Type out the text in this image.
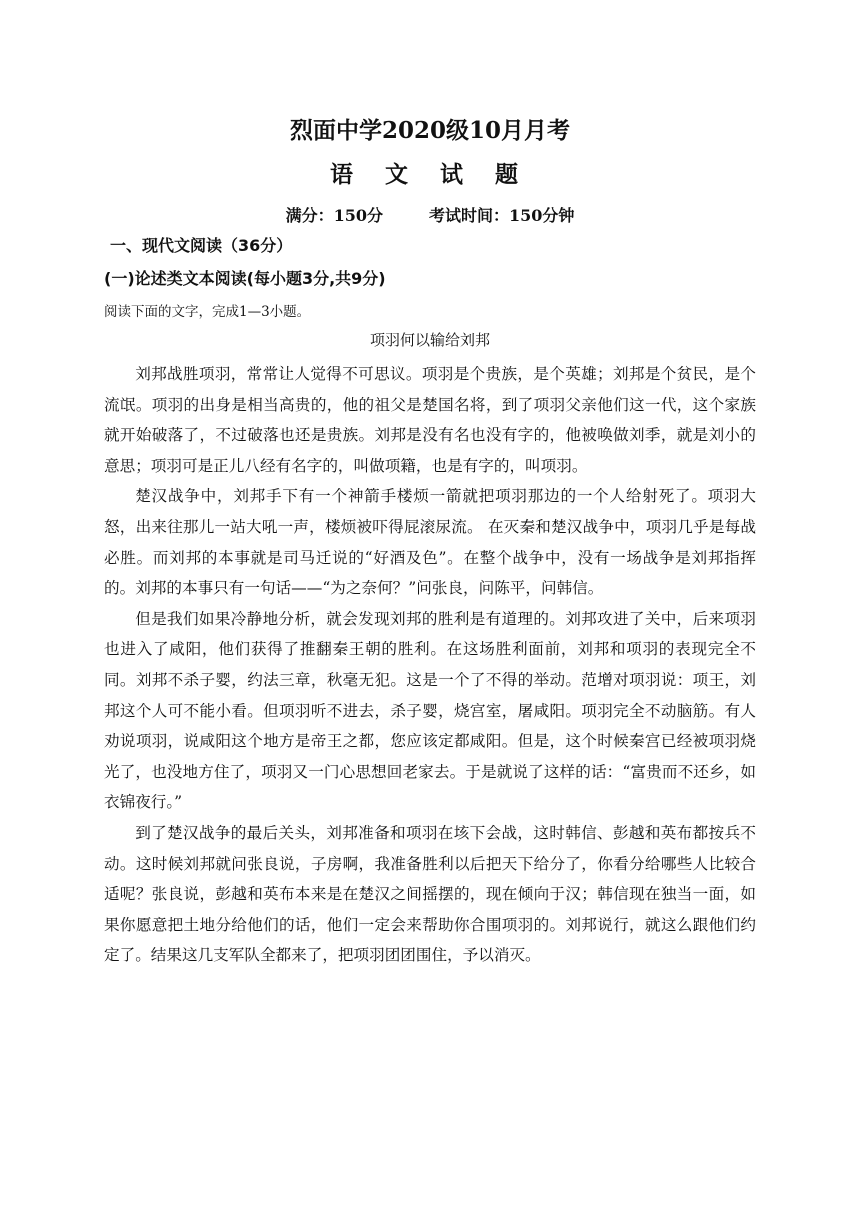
烈面中学2020级10月月考
语 文 试 题
满分：150分	考试时间：150分钟
一、现代文阅读（36分）
(一)论述类文本阅读(每小题3分,共9分)
阅读下面的文字，完成1—3小题。
项羽何以输给刘邦

刘邦战胜项羽，常常让人觉得不可思议。项羽是个贵族，是个英雄；刘邦是个贫民，是个流氓。项羽的出身是相当高贵的，他的祖父是楚国名将，到了项羽父亲他们这一代，这个家族就开始破落了，不过破落也还是贵族。刘邦是没有名也没有字的，他被唤做刘季，就是刘小的意思；项羽可是正儿八经有名字的，叫做项籍，也是有字的，叫项羽。

楚汉战争中，刘邦手下有一个神箭手楼烦一箭就把项羽那边的一个人给射死了。项羽大怒，出来往那儿一站大吼一声，楼烦被吓得屁滚尿流。 在灭秦和楚汉战争中，项羽几乎是每战必胜。而刘邦的本事就是司马迁说的“好酒及色”。在整个战争中，没有一场战争是刘邦指挥的。刘邦的本事只有一句话——“为之奈何？”问张良，问陈平，问韩信。

但是我们如果冷静地分析，就会发现刘邦的胜利是有道理的。刘邦攻进了关中，后来项羽也进入了咸阳，他们获得了推翻秦王朝的胜利。在这场胜利面前，刘邦和项羽的表现完全不同。刘邦不杀子婴，约法三章，秋毫无犯。这是一个了不得的举动。范增对项羽说：项王，刘邦这个人可不能小看。但项羽听不进去，杀子婴，烧宫室，屠咸阳。项羽完全不动脑筋。有人劝说项羽，说咸阳这个地方是帝王之都，您应该定都咸阳。但是，这个时候秦宫已经被项羽烧光了，也没地方住了，项羽又一门心思想回老家去。于是就说了这样的话：“富贵而不还乡，如衣锦夜行。”

到了楚汉战争的最后关头，刘邦准备和项羽在垓下会战，这时韩信、彭越和英布都按兵不动。这时候刘邦就问张良说，子房啊，我准备胜利以后把天下给分了，你看分给哪些人比较合适呢？张良说，彭越和英布本来是在楚汉之间摇摆的，现在倾向于汉；韩信现在独当一面，如果你愿意把土地分给他们的话，他们一定会来帮助你合围项羽的。刘邦说行，就这么跟他们约定了。结果这几支军队全都来了，把项羽团团围住，予以消灭。
